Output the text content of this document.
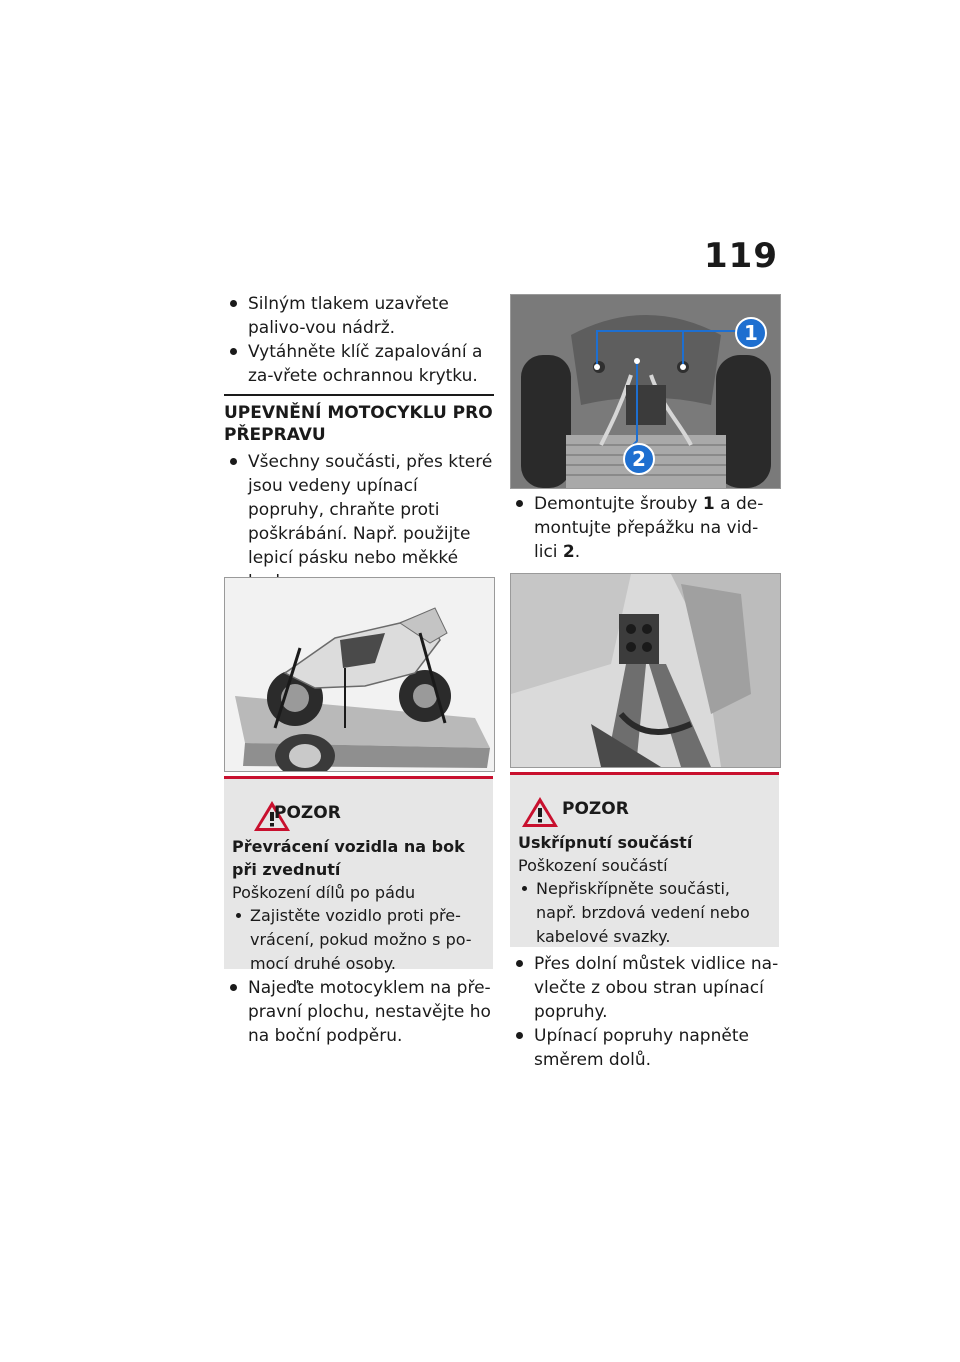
119

Silným tlakem uzavřete palivo-vou nádrž.

Vytáhněte klíč zapalování a za-vřete ochrannou krytku.

UPEVNĚNÍ MOTOCYKLU PRO PŘEPRAVU

Všechny součásti, přes které jsou vedeny upínací popruhy, chraňte proti poškrábání. Např. použijte lepicí pásku nebo měkké

POZOR
Převrácení vozidla na bok při zvednutí
Poškození dílů po pádu
Zajistěte vozidlo proti pře-vrácení, pokud možno s po-mocí druhé osoby.

Najeďte motocyklem na pře-pravní plochu, nestavějte ho na boční podpěru.

1
2

Demontujte šrouby 1 a de-montujte přepážku na vid-lici 2.

POZOR
Uskřípnutí součástí
Poškození součástí
Nepřiskřípněte součásti, např. brzdová vedení nebo kabelové svazky.

Přes dolní můstek vidlice na-vlečte z obou stran upínací popruhy.

Upínací popruhy napněte směrem dolů.
